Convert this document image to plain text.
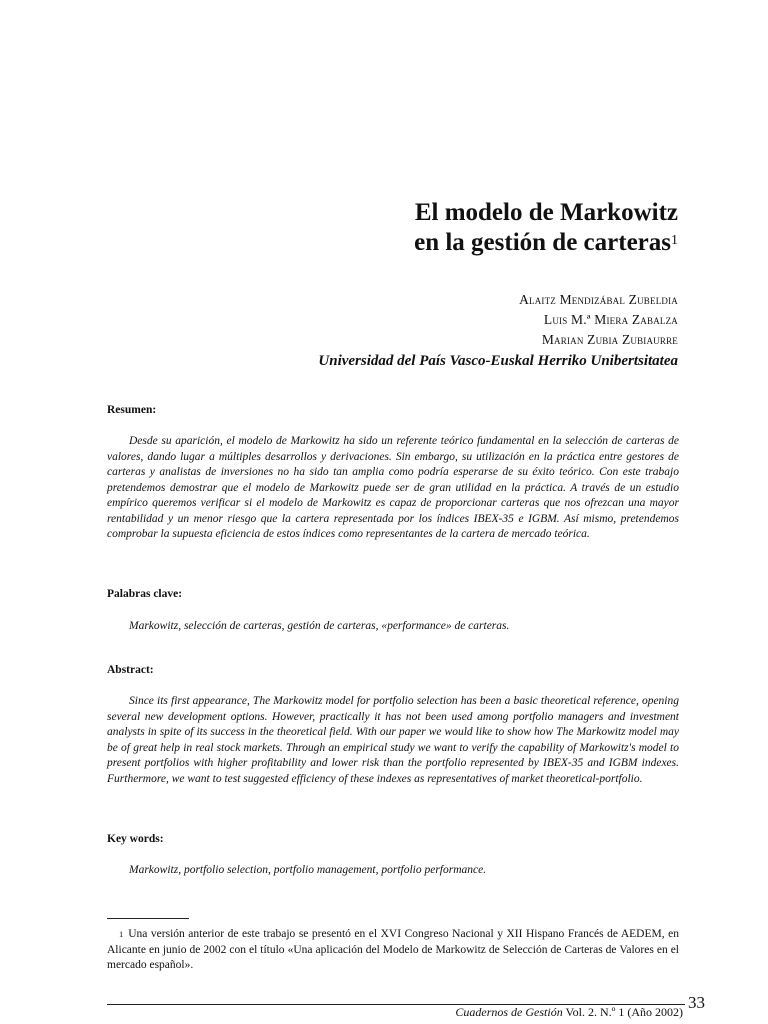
El modelo de Markowitz
en la gestión de carteras$^1$
Alaitz Mendizábal Zubeldia
Luis M.ª Miera Zabalza
Marian Zubia Zubiaurre
Universidad del País Vasco-Euskal Herriko Unibertsitatea
Resumen:

Desde su aparición, el modelo de Markowitz ha sido un referente teórico fundamental en la selección de carteras de valores, dando lugar a múltiples desarrollos y derivaciones. Sin embargo, su utilización en la práctica entre gestores de carteras y analistas de inversiones no ha sido tan amplia como podría esperarse de su éxito teórico. Con este trabajo pretendemos demostrar que el modelo de Markowitz puede ser de gran utilidad en la práctica. A través de un estudio empírico queremos verificar si el modelo de Markowitz es capaz de proporcionar carteras que nos ofrezcan una mayor rentabilidad y un menor riesgo que la cartera representada por los índices IBEX-35 e IGBM. Así mismo, pretendemos comprobar la supuesta eficiencia de estos índices como representantes de la cartera de mercado teórica.

Palabras clave:

Markowitz, selección de carteras, gestión de carteras, «performance» de carteras.

Abstract:

Since its first appearance, The Markowitz model for portfolio selection has been a basic theoretical reference, opening several new development options. However, practically it has not been used among portfolio managers and investment analysts in spite of its success in the theoretical field. With our paper we would like to show how The Markowitz model may be of great help in real stock markets. Through an empirical study we want to verify the capability of Markowitz's model to present portfolios with higher profitability and lower risk than the portfolio represented by IBEX-35 and IGBM indexes. Furthermore, we want to test suggested efficiency of these indexes as representatives of market theoretical-portfolio.

Key words:

Markowitz, portfolio selection, portfolio management, portfolio performance.

$^1$ Una versión anterior de este trabajo se presentó en el XVI Congreso Nacional y XII Hispano Francés de AEDEM, en Alicante en junio de 2002 con el título «Una aplicación del Modelo de Markowitz de Selección de Carteras de Valores en el mercado español».

Cuadernos de Gestión Vol. 2. N.º 1 (Año 2002) 33
